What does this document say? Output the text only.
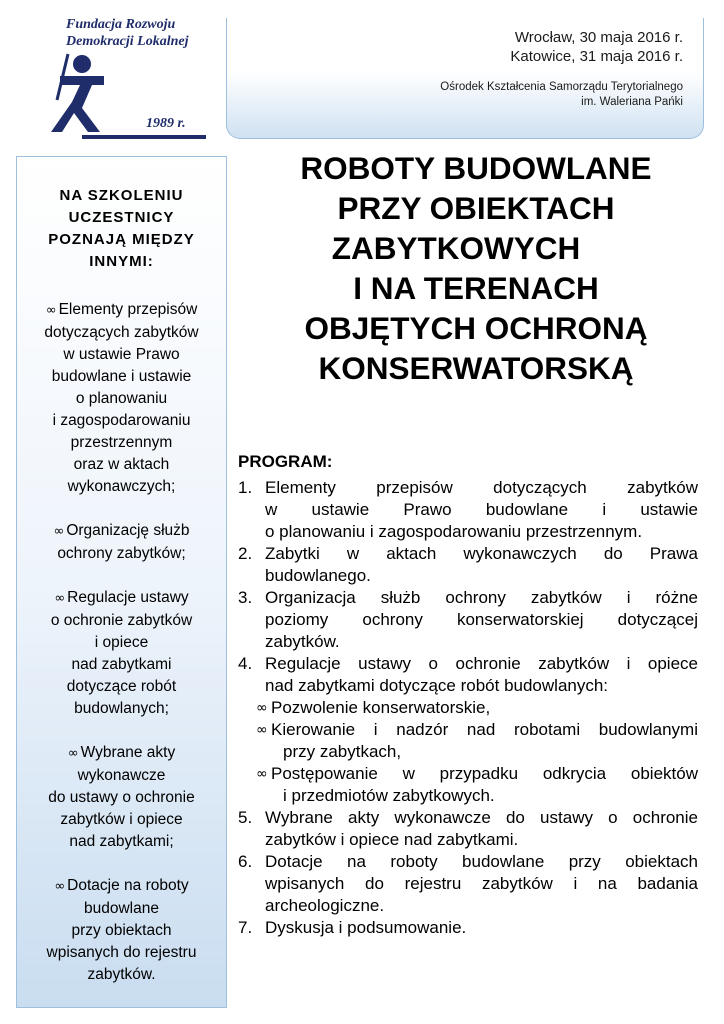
Fundacja Rozwoju
Demokracji Lokalnej
1989 r.
Wrocław, 30 maja 2016 r.
Katowice, 31 maja 2016 r.
Ośrodek Kształcenia Samorządu Terytorialnego
im. Waleriana Pańki
NA SZKOLENIU
UCZESTNICY
POZNAJĄ MIĘDZY
INNYMI:
∞ Elementy przepisów
dotyczących zabytków
w ustawie Prawo
budowlane i ustawie
o planowaniu
i zagospodarowaniu
przestrzennym
oraz w aktach
wykonawczych;
∞ Organizację służb
ochrony zabytków;
∞ Regulacje ustawy
o ochronie zabytków
i opiece
nad zabytkami
dotyczące robót
budowlanych;
∞ Wybrane akty
wykonawcze
do ustawy o ochronie
zabytków i opiece
nad zabytkami;
∞ Dotacje na roboty
budowlane
przy obiektach
wpisanych do rejestru
zabytków.
ROBOTY BUDOWLANE
PRZY OBIEKTACH
ZABYTKOWYCH
I NA TERENACH
OBJĘTYCH OCHRONĄ
KONSERWATORSKĄ
PROGRAM:
1. Elementy przepisów dotyczących zabytków
w ustawie Prawo budowlane i ustawie
o planowaniu i zagospodarowaniu przestrzennym.
2. Zabytki w aktach wykonawczych do Prawa
budowlanego.
3. Organizacja służb ochrony zabytków i różne
poziomy ochrony konserwatorskiej dotyczącej
zabytków.
4. Regulacje ustawy o ochronie zabytków i opiece
nad zabytkami dotyczące robót budowlanych:
∞ Pozwolenie konserwatorskie,
∞ Kierowanie i nadzór nad robotami budowlanymi
przy zabytkach,
∞ Postępowanie w przypadku odkrycia obiektów
i przedmiotów zabytkowych.
5. Wybrane akty wykonawcze do ustawy o ochronie
zabytków i opiece nad zabytkami.
6. Dotacje na roboty budowlane przy obiektach
wpisanych do rejestru zabytków i na badania
archeologiczne.
7. Dyskusja i podsumowanie.
